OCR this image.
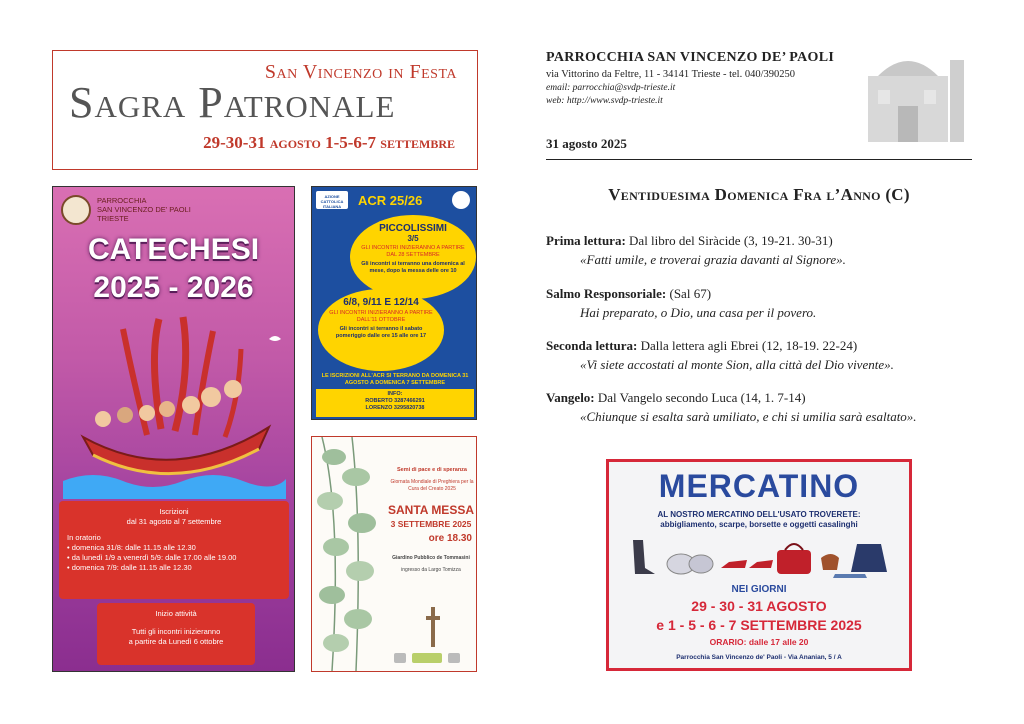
San Vincenzo in Festa
Sagra Patronale
29-30-31 agosto 1-5-6-7 settembre
PARROCCHIA
SAN VINCENZO DE' PAOLI
TRIESTE
CATECHESI
2025 - 2026
Iscrizioni
dal 31 agosto al 7 settembre
In oratorio
• domenica 31/8: dalle 11.15 alle 12.30
• da lunedì 1/9 a venerdì 5/9: dalle 17.00 alle 19.00
• domenica 7/9: dalle 11.15 alle 12.30
Inizio attività
Tutti gli incontri inizieranno
a partire da Lunedì 6 ottobre
AZIONE CATTOLICA ITALIANA	ACR 25/26
PICCOLISSIMI
3/5
GLI INCONTRI INIZIERANNO A PARTIRE DAL 28 SETTEMBRE
Gli incontri si terranno una domenica al mese, dopo la messa delle ore 10
6/8, 9/11 E 12/14
GLI INCONTRI INIZIERANNO A PARTIRE DALL'11 OTTOBRE
Gli incontri si terranno il sabato pomeriggio dalle ore 15 alle ore 17
LE ISCRIZIONI ALL'ACR SI TERRANO DA DOMENICA 31 AGOSTO A DOMENICA 7 SETTEMBRE
INFO:
ROBERTO 3287466291
LORENZO 3295820738
Semi di pace e di speranza
Giornata Mondiale di Preghiera per la Cura del Creato 2025
SANTA MESSA
3 SETTEMBRE 2025
ore 18.30
Giardino Pubblico de Tommasini
ingresso da Largo Tomizza
PARROCCHIA SAN VINCENZO DE’ PAOLI
via Vittorino da Feltre, 11 - 34141 Trieste - tel. 040/390250
email: parrocchia@svdp-trieste.it
web: http://www.svdp-trieste.it
31 agosto 2025
Ventiduesima Domenica Fra l’Anno (C)
Prima lettura: Dal libro del Siràcide (3, 19-21. 30-31)
«Fatti umile, e troverai grazia davanti al Signore».
Salmo Responsoriale: (Sal 67)
Hai preparato, o Dio, una casa per il povero.
Seconda lettura: Dalla lettera agli Ebrei (12, 18-19. 22-24)
«Vi siete accostati al monte Sion, alla città del Dio vivente».
Vangelo: Dal Vangelo secondo Luca (14, 1. 7-14)
«Chiunque si esalta sarà umiliato, e chi si umilia sarà esaltato».
MERCATINO
AL NOSTRO MERCATINO DELL'USATO TROVERETE:
abbigliamento, scarpe, borsette e oggetti casalinghi
NEI GIORNI
29 - 30 - 31 AGOSTO
e 1 - 5 - 6 - 7 SETTEMBRE 2025
ORARIO: dalle 17 alle 20
Parrocchia San Vincenzo de' Paoli - Via Ananian, 5 / A
